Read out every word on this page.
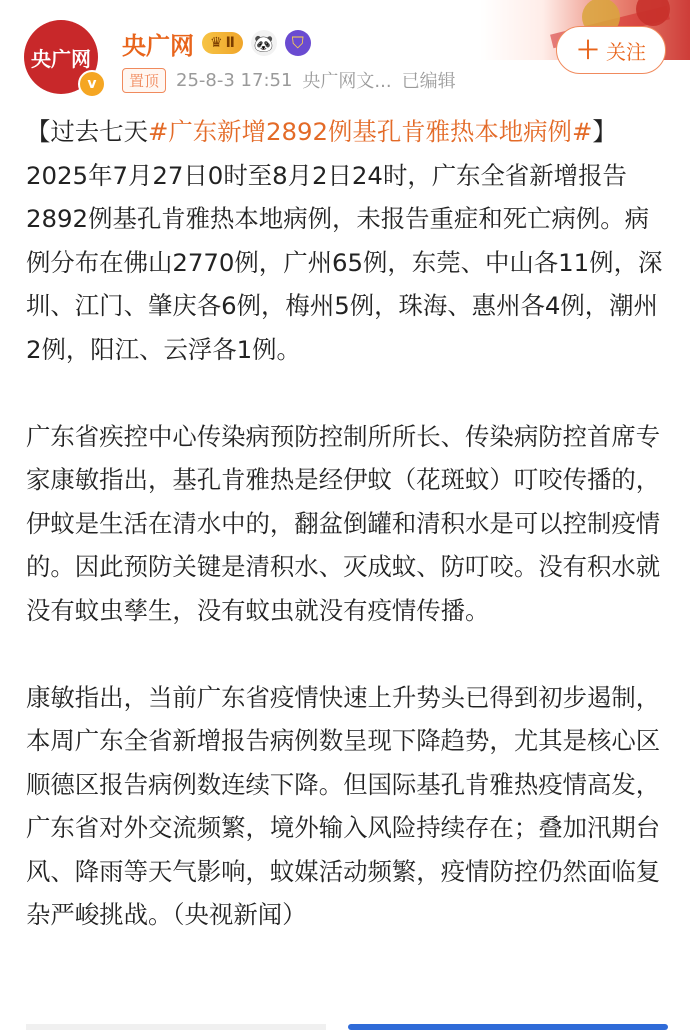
央广网
v
央广网 ♛ Ⅱ 🐼	⛉
置顶 25-8-3 17:51 央广网文... 已编辑
＋ 关注

【过去七天#广东新增2892例基孔肯雅热本地病例#】2025年7月27日0时至8月2日24时，广东全省新增报告2892例基孔肯雅热本地病例，未报告重症和死亡病例。病例分布在佛山2770例，广州65例，东莞、中山各11例，深圳、江门、肇庆各6例，梅州5例，珠海、惠州各4例，潮州2例，阳江、云浮各1例。

广东省疾控中心传染病预防控制所所长、传染病防控首席专家康敏指出，基孔肯雅热是经伊蚊（花斑蚊）叮咬传播的，伊蚊是生活在清水中的，翻盆倒罐和清积水是可以控制疫情的。因此预防关键是清积水、灭成蚊、防叮咬。没有积水就没有蚊虫孳生，没有蚊虫就没有疫情传播。

康敏指出，当前广东省疫情快速上升势头已得到初步遏制，本周广东全省新增报告病例数呈现下降趋势，尤其是核心区顺德区报告病例数连续下降。但国际基孔肯雅热疫情高发，广东省对外交流频繁，境外输入风险持续存在；叠加汛期台风、降雨等天气影响，蚊媒活动频繁，疫情防控仍然面临复杂严峻挑战。（央视新闻）
